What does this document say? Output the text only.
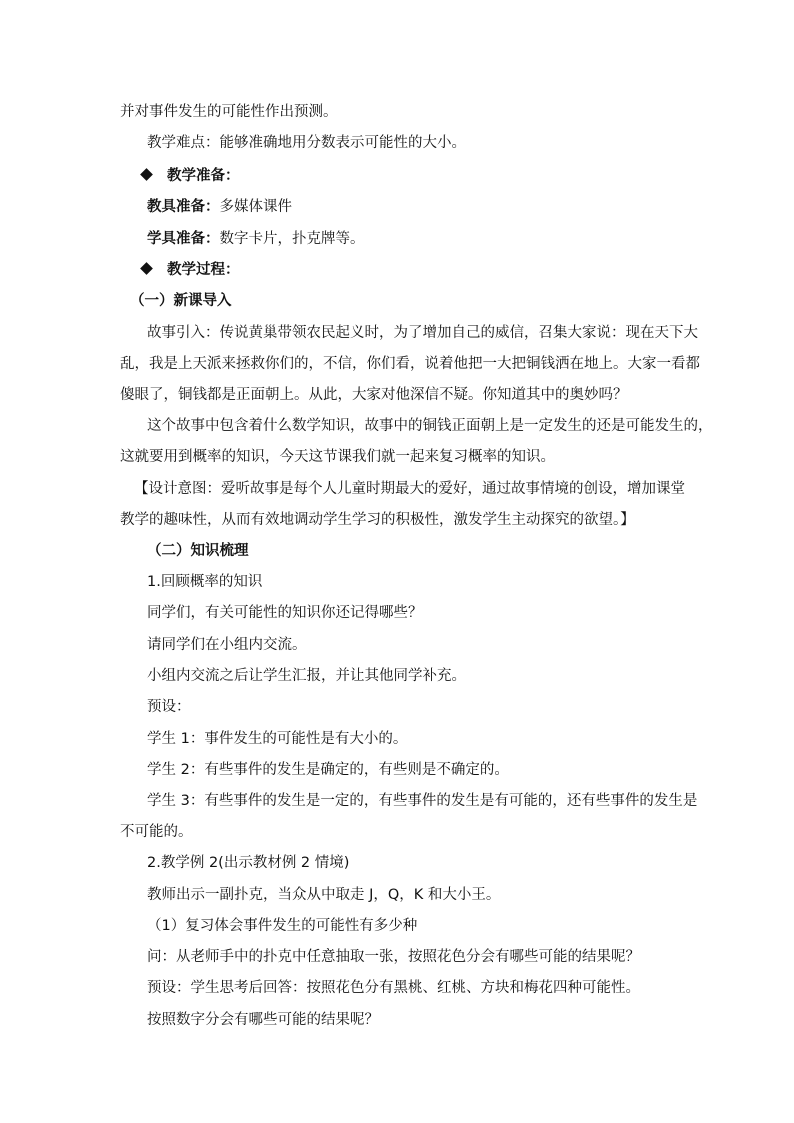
并对事件发生的可能性作出预测。
教学难点：能够准确地用分数表示可能性的大小。
教学准备：
教具准备：多媒体课件
学具准备：数字卡片，扑克牌等。
教学过程：
（一）新课导入
故事引入：传说黄巢带领农民起义时，为了增加自己的威信，召集大家说：现在天下大
乱，我是上天派来拯救你们的，不信，你们看，说着他把一大把铜钱洒在地上。大家一看都
傻眼了，铜钱都是正面朝上。从此，大家对他深信不疑。你知道其中的奥妙吗？
这个故事中包含着什么数学知识，故事中的铜钱正面朝上是一定发生的还是可能发生的，
这就要用到概率的知识，今天这节课我们就一起来复习概率的知识。
【设计意图：爱听故事是每个人儿童时期最大的爱好，通过故事情境的创设，增加课堂
教学的趣味性，从而有效地调动学生学习的积极性，激发学生主动探究的欲望。】
（二）知识梳理
1.回顾概率的知识
同学们，有关可能性的知识你还记得哪些？
请同学们在小组内交流。
小组内交流之后让学生汇报，并让其他同学补充。
预设：
学生 1：事件发生的可能性是有大小的。
学生 2：有些事件的发生是确定的，有些则是不确定的。
学生 3：有些事件的发生是一定的，有些事件的发生是有可能的，还有些事件的发生是
不可能的。
2.教学例 2(出示教材例 2 情境)
教师出示一副扑克，当众从中取走 J，Q，K 和大小王。
（1）复习体会事件发生的可能性有多少种
问：从老师手中的扑克中任意抽取一张，按照花色分会有哪些可能的结果呢？
预设：学生思考后回答：按照花色分有黑桃、红桃、方块和梅花四种可能性。
按照数字分会有哪些可能的结果呢？
